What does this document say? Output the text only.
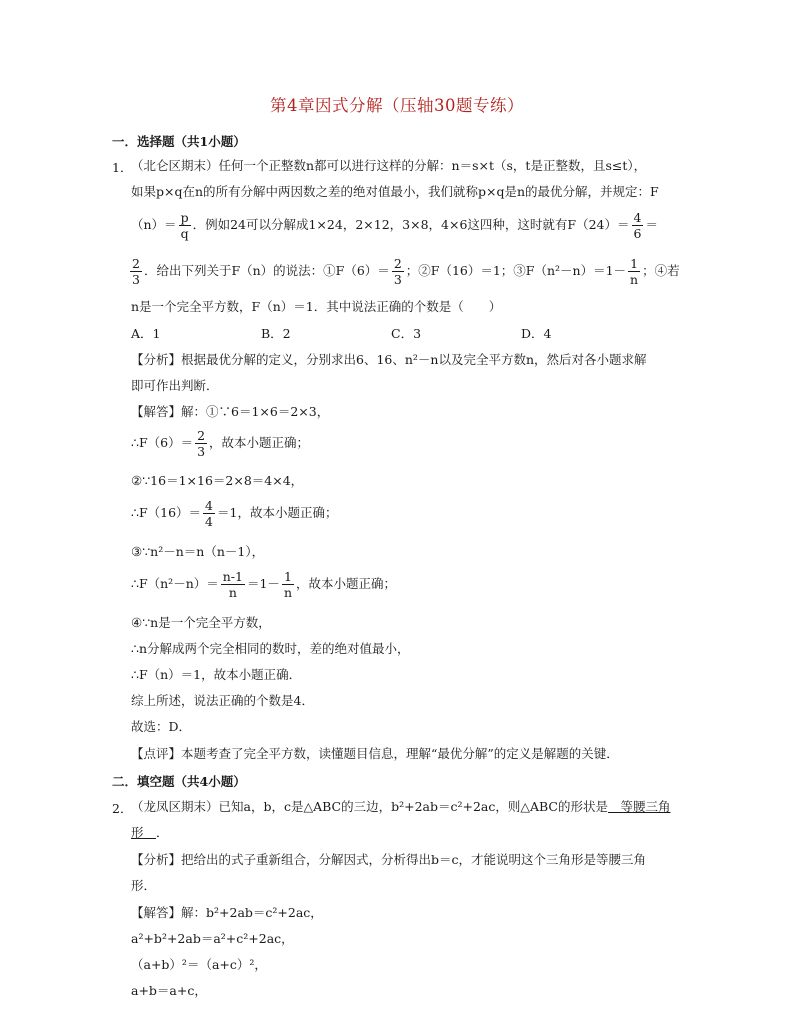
第4章因式分解（压轴30题专练）
一．选择题（共1小题）
1．
（北仑区期末）任何一个正整数n都可以进行这样的分解：n＝s×t（s，t是正整数，且s≤t），
如果p×q在n的所有分解中两因数之差的绝对值最小，我们就称p×q是n的最优分解，并规定：F
$(n)= \frac{p}{q}$ ．例如24可以分解成1×24，2×12，3×8，4×6这四种，这时就有$F(24)= \frac{4}{6}$ ＝
$\frac{2}{3}$ ．给出下列关于F（n）的说法：①F（6）＝ $\frac{2}{3}$ ；②F（16）＝1；③F（n²－n）＝1－ $\frac{1}{n}$ ；④若
n是一个完全平方数，F（n）＝1．其中说法正确的个数是（　　）
A．1	B．2	C．3	D．4
【分析】根据最优分解的定义，分别求出6、16、n²－n以及完全平方数n，然后对各小题求解
即可作出判断．
【解答】解：①∵6＝1×6＝2×3，
∴F（6）＝ $\frac{2}{3}$ ，故本小题正确；
②∵16＝1×16＝2×8＝4×4，
∴F（16）＝ $\frac{4}{4} =1$，故本小题正确；
③∵n²－n＝n（n－1），
∴F（n²－n）＝ $\frac{n-1}{n} =1- \frac{1}{n}$ ，故本小题正确；
④∵n是一个完全平方数，
∴n分解成两个完全相同的数时，差的绝对值最小，
∴F（n）＝1，故本小题正确．
综上所述，说法正确的个数是4．
故选：D．
【点评】本题考查了完全平方数，读懂题目信息，理解“最优分解”的定义是解题的关键．
二．填空题（共4小题）
2．
（龙凤区期末）已知a，b，c是△ABC的三边，b²+2ab＝c²+2ac，则△ABC的形状是　等腰三角
形　．
【分析】把给出的式子重新组合，分解因式，分析得出b＝c，才能说明这个三角形是等腰三角
形．
【解答】解：b²+2ab＝c²+2ac，
a²+b²+2ab＝a²+c²+2ac，
（a+b）²＝（a+c）²，
a+b＝a+c，
